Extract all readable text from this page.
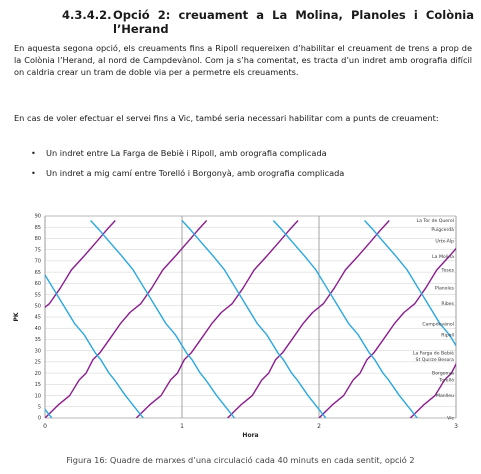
4.3.4.2. Opció 2: creuament a La Molina, Planoles i Colònia l’Herand

En aquesta segona opció, els creuaments fins a Ripoll requereixen d’habilitar el creuament de trens a prop de la Colònia l’Herand, al nord de Campdevànol. Com ja s’ha comentat, es tracta d’un indret amb orografia difícil on caldria crear un tram de doble via per a permetre els creuaments.

En cas de voler efectuar el servei fins a Vic, també seria necessari habilitar com a punts de creuament:

• Un indret entre La Farga de Bebiè i Ripoll, amb orografia complicada
• Un indret a mig camí entre Torelló i Borgonyà, amb orografia complicada
0
5
10
15
20
25
30
35
40
45
50
55
60
65
70
75
80
85
90
0	1	2	3
Hora
PK
La Tor de Querol
Puigcerdà
Urtx-Alp
La Molina
Toses
Planoles
Ribes
Campdevànol
Ripoll
La Farga de Bebiè
St Quirze Besora
Borgonyà
Torelló
Manlleu
Vic
Figura 16: Quadre de marxes d’una circulació cada 40 minuts en cada sentit, opció 2
